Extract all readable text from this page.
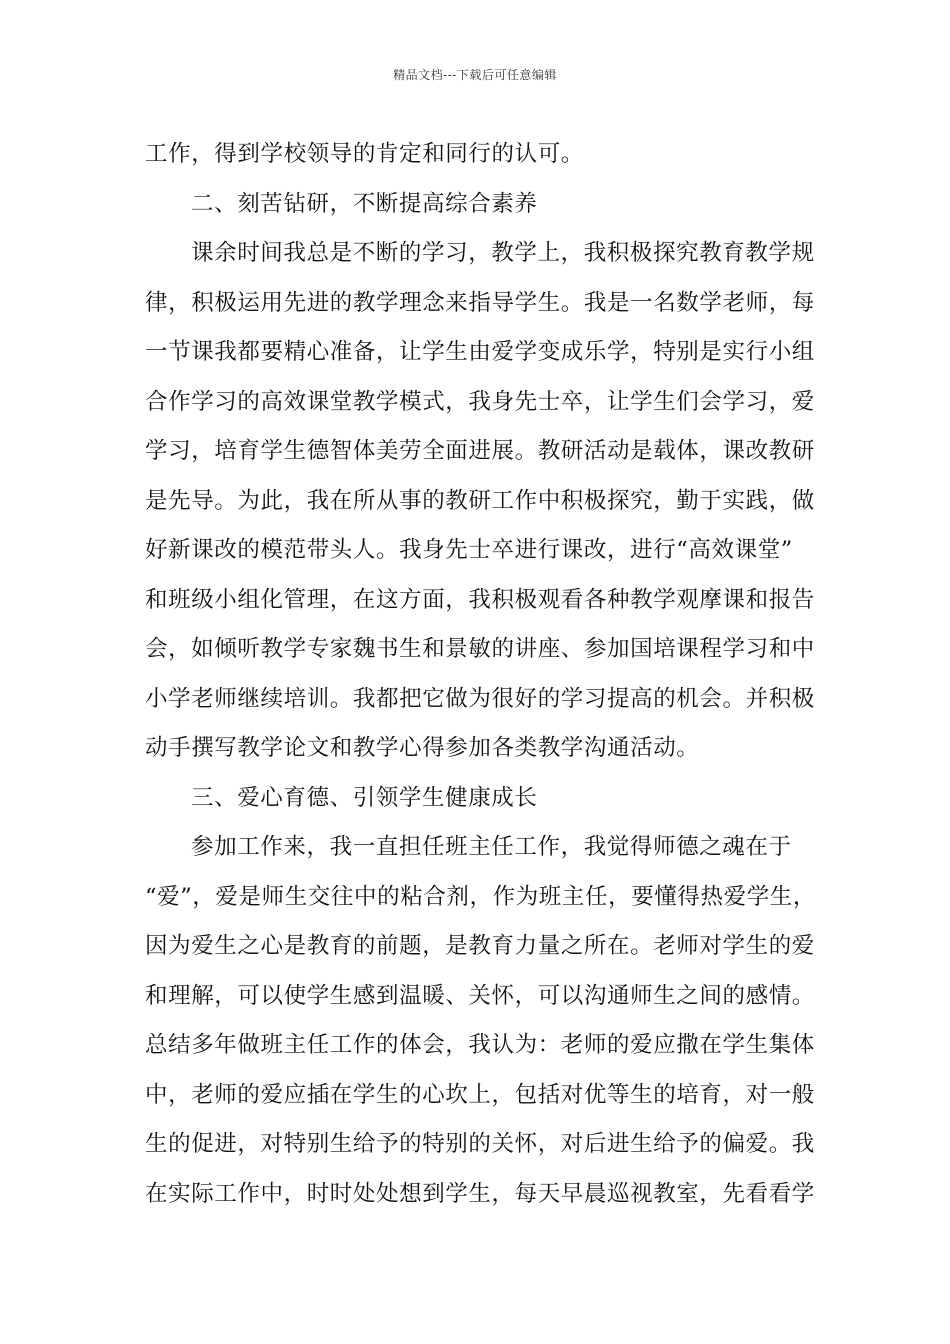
精品文档---下载后可任意编辑
工作，得到学校领导的肯定和同行的认可。
二、刻苦钻研，不断提高综合素养
课余时间我总是不断的学习，教学上，我积极探究教育教学规
律，积极运用先进的教学理念来指导学生。我是一名数学老师，每
一节课我都要精心准备，让学生由爱学变成乐学，特别是实行小组
合作学习的高效课堂教学模式，我身先士卒，让学生们会学习，爱
学习，培育学生德智体美劳全面进展。教研活动是载体，课改教研
是先导。为此，我在所从事的教研工作中积极探究，勤于实践，做
好新课改的模范带头人。我身先士卒进行课改，进行“高效课堂”
和班级小组化管理，在这方面，我积极观看各种教学观摩课和报告
会，如倾听教学专家魏书生和景敏的讲座、参加国培课程学习和中
小学老师继续培训。我都把它做为很好的学习提高的机会。并积极
动手撰写教学论文和教学心得参加各类教学沟通活动。
三、爱心育德、引领学生健康成长
参加工作来，我一直担任班主任工作，我觉得师德之魂在于
“爱”，爱是师生交往中的粘合剂，作为班主任，要懂得热爱学生，
因为爱生之心是教育的前题，是教育力量之所在。老师对学生的爱
和理解，可以使学生感到温暖、关怀，可以沟通师生之间的感情。
总结多年做班主任工作的体会，我认为：老师的爱应撒在学生集体
中，老师的爱应插在学生的心坎上，包括对优等生的培育，对一般
生的促进，对特别生给予的特别的关怀，对后进生给予的偏爱。我
在实际工作中，时时处处想到学生，每天早晨巡视教室，先看看学
